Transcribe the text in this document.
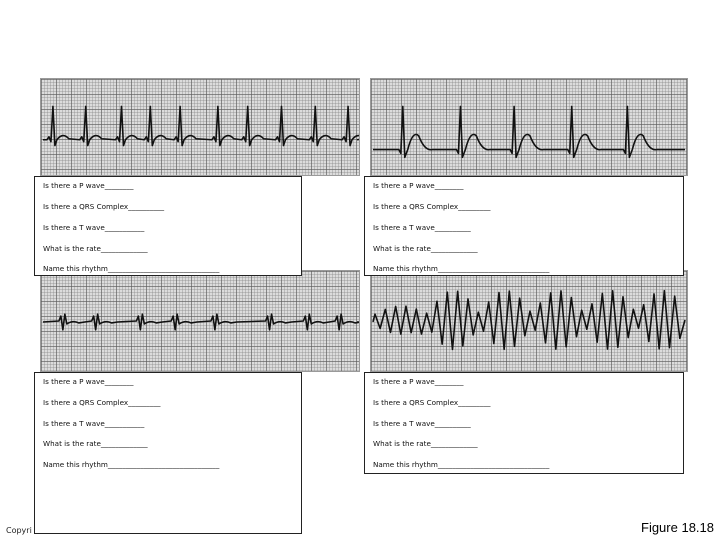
Is there a P wave________
Is there a QRS Complex__________
Is there a T wave___________
What is the rate_____________
Name this rhythm_______________________________
Is there a P wave________
Is there a QRS Complex_________
Is there a T wave__________
What is the rate_____________
Name this rhythm_______________________________
Is there a P wave________
Is there a QRS Complex_________
Is there a T wave___________
What is the rate_____________
Name this rhythm_______________________________
Is there a P wave________
Is there a QRS Complex_________
Is there a T wave__________
What is the rate_____________
Name this rhythm_______________________________
Copyri	Figure 18.18
